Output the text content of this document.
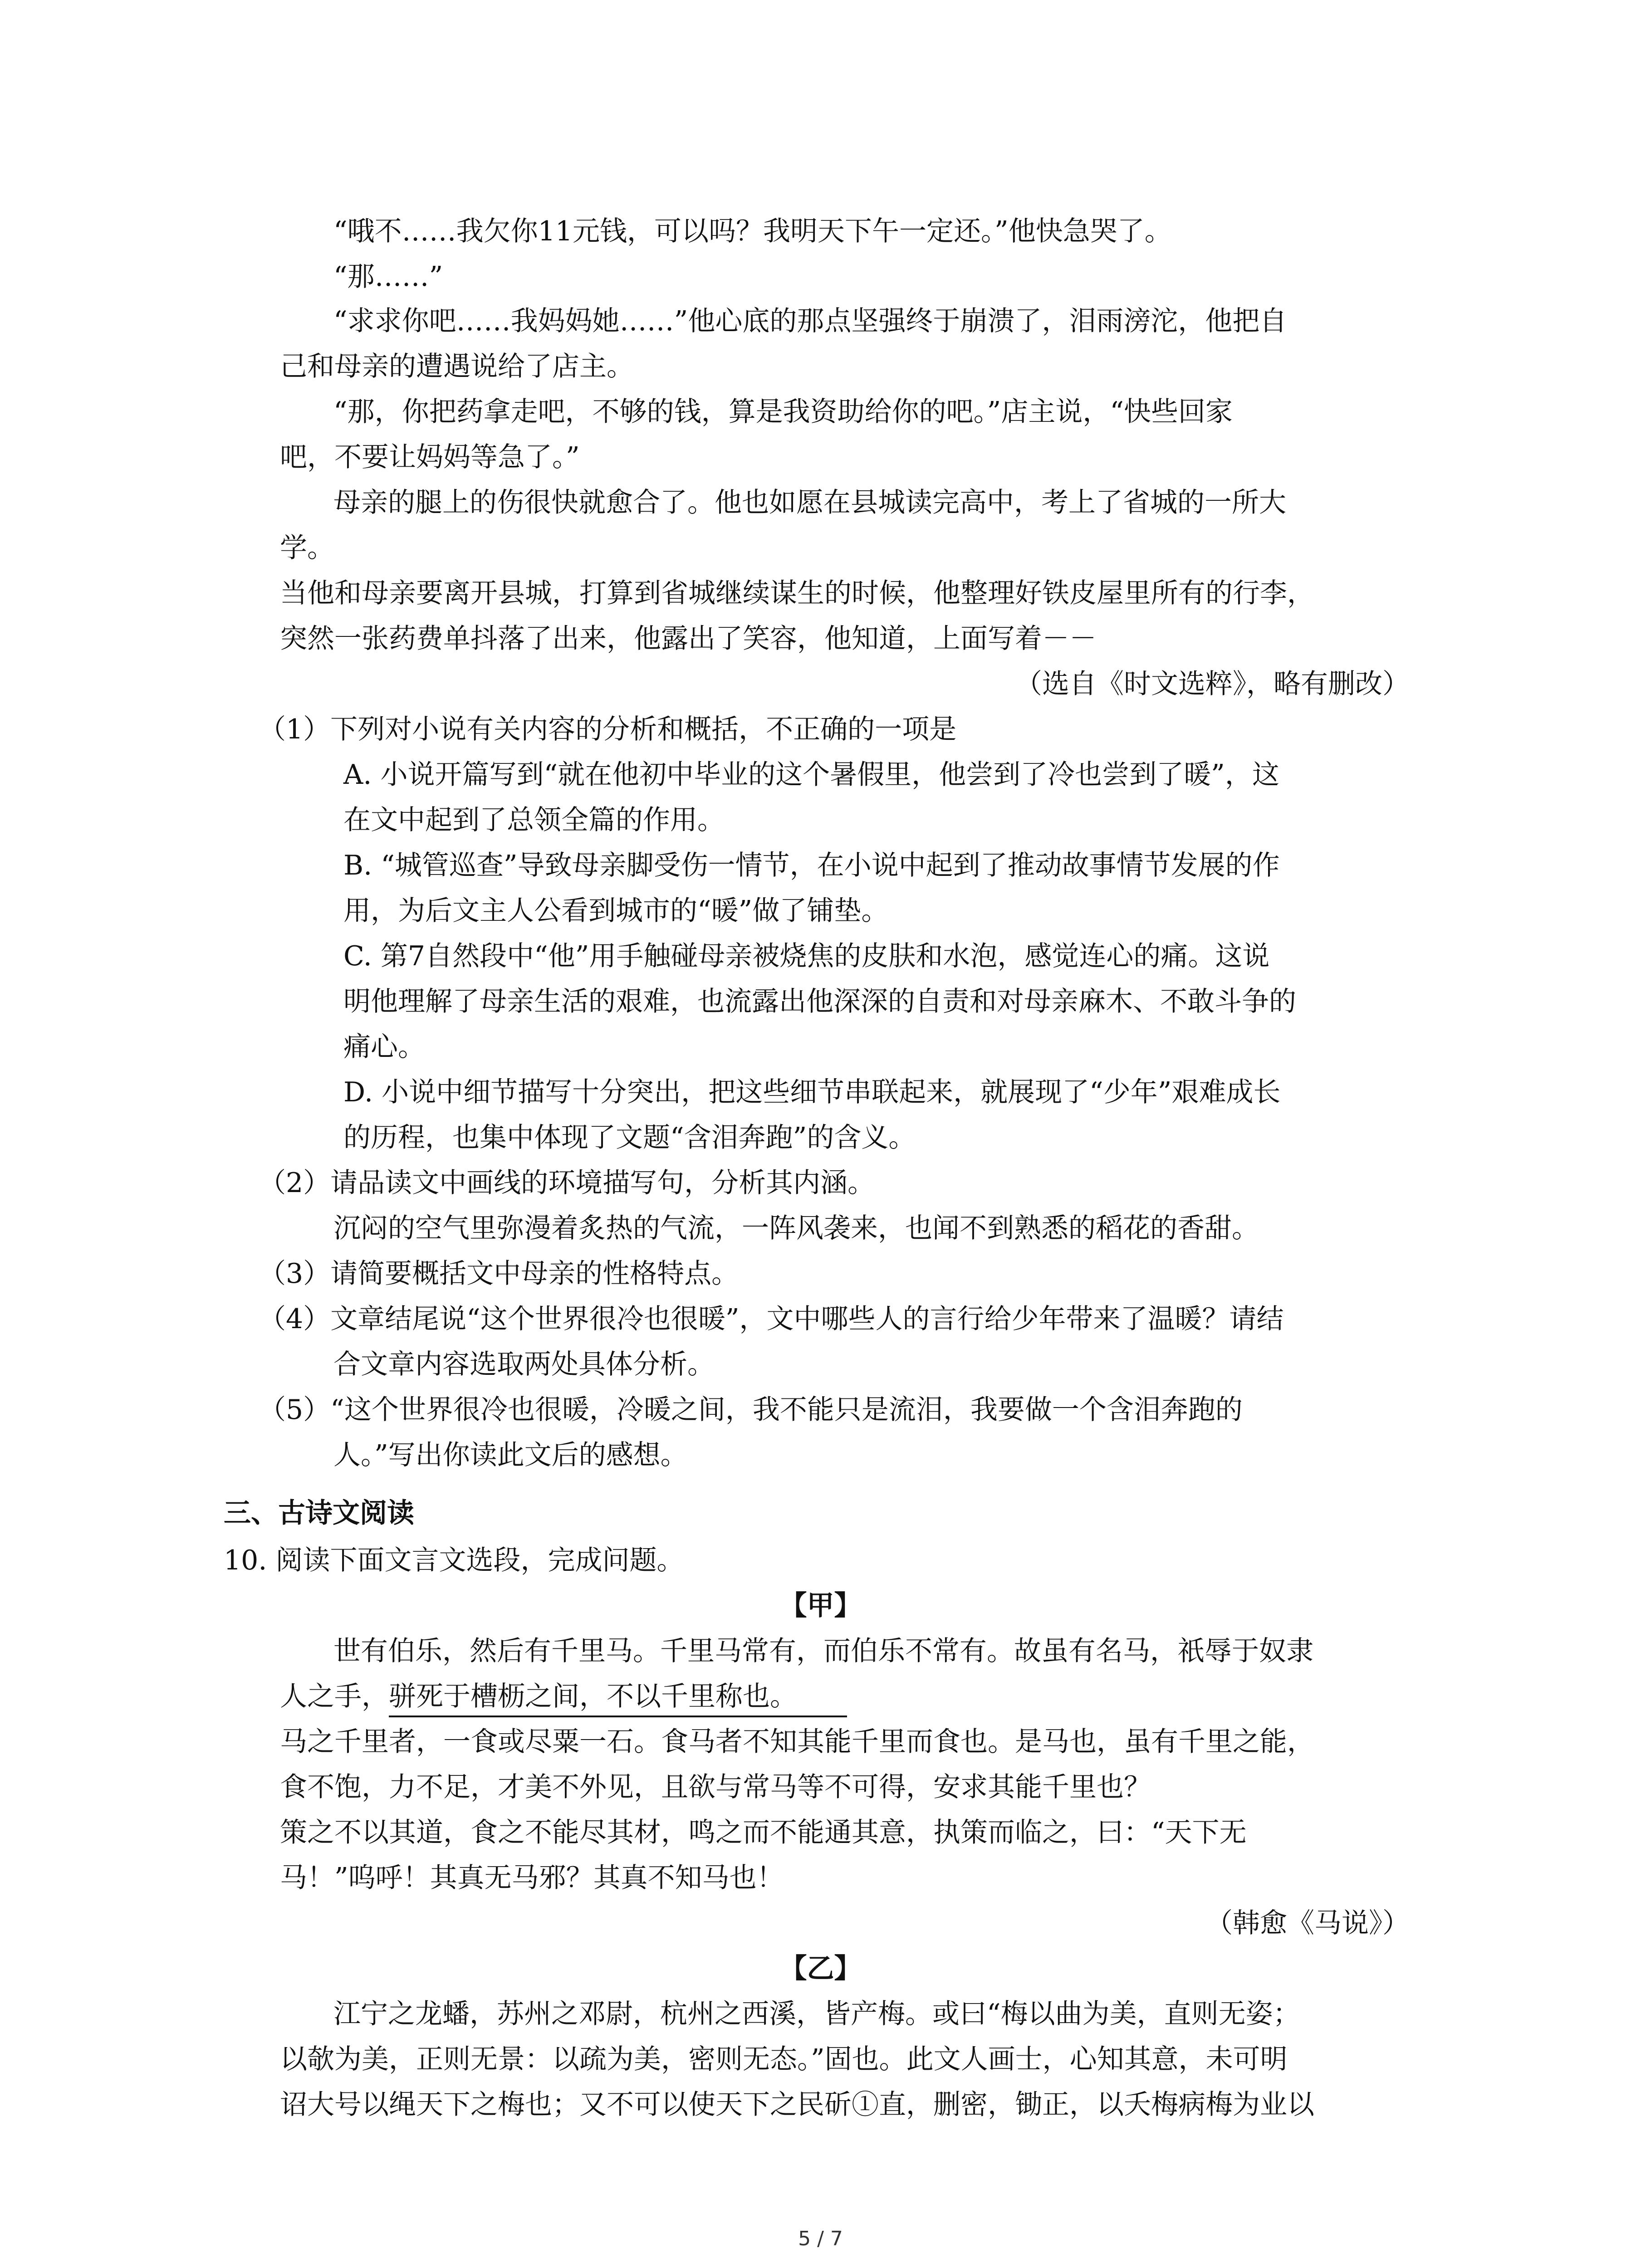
“哦不……我欠你11元钱，可以吗？我明天下午一定还。”他快急哭了。
“那……”
“求求你吧……我妈妈她……”他心底的那点坚强终于崩溃了，泪雨滂沱，他把自
己和母亲的遭遇说给了店主。
“那，你把药拿走吧，不够的钱，算是我资助给你的吧。”店主说，“快些回家
吧，不要让妈妈等急了。”
母亲的腿上的伤很快就愈合了。他也如愿在县城读完高中，考上了省城的一所大
学。
当他和母亲要离开县城，打算到省城继续谋生的时候，他整理好铁皮屋里所有的行李，
突然一张药费单抖落了出来，他露出了笑容，他知道，上面写着－－
（选自《时文选粹》，略有删改）
（1）下列对小说有关内容的分析和概括，不正确的一项是
A. 小说开篇写到“就在他初中毕业的这个暑假里，他尝到了冷也尝到了暖”，这
在文中起到了总领全篇的作用。
B. “城管巡查”导致母亲脚受伤一情节，在小说中起到了推动故事情节发展的作
用，为后文主人公看到城市的“暖”做了铺垫。
C. 第7自然段中“他”用手触碰母亲被烧焦的皮肤和水泡，感觉连心的痛。这说
明他理解了母亲生活的艰难，也流露出他深深的自责和对母亲麻木、不敢斗争的
痛心。
D. 小说中细节描写十分突出，把这些细节串联起来，就展现了“少年”艰难成长
的历程，也集中体现了文题“含泪奔跑”的含义。
（2）请品读文中画线的环境描写句，分析其内涵。
沉闷的空气里弥漫着炙热的气流，一阵风袭来，也闻不到熟悉的稻花的香甜。
（3）请简要概括文中母亲的性格特点。
（4）文章结尾说“这个世界很冷也很暖”，文中哪些人的言行给少年带来了温暖？请结
合文章内容选取两处具体分析。
（5）“这个世界很冷也很暖，冷暖之间，我不能只是流泪，我要做一个含泪奔跑的
人。”写出你读此文后的感想。
三、古诗文阅读
10. 阅读下面文言文选段，完成问题。
【甲】
世有伯乐，然后有千里马。千里马常有，而伯乐不常有。故虽有名马，祇辱于奴隶
人之手，骈死于槽枥之间，不以千里称也。
马之千里者，一食或尽粟一石。食马者不知其能千里而食也。是马也，虽有千里之能，
食不饱，力不足，才美不外见，且欲与常马等不可得，安求其能千里也？
策之不以其道，食之不能尽其材，鸣之而不能通其意，执策而临之，曰：“天下无
马！”呜呼！其真无马邪？其真不知马也！
（韩愈《马说》）
【乙】
江宁之龙蟠，苏州之邓尉，杭州之西溪，皆产梅。或曰“梅以曲为美，直则无姿；
以欹为美，正则无景：以疏为美，密则无态。”固也。此文人画士，心知其意，未可明
诏大号以绳天下之梅也；又不可以使天下之民斫①直，删密，锄正，以夭梅病梅为业以
5 / 7
